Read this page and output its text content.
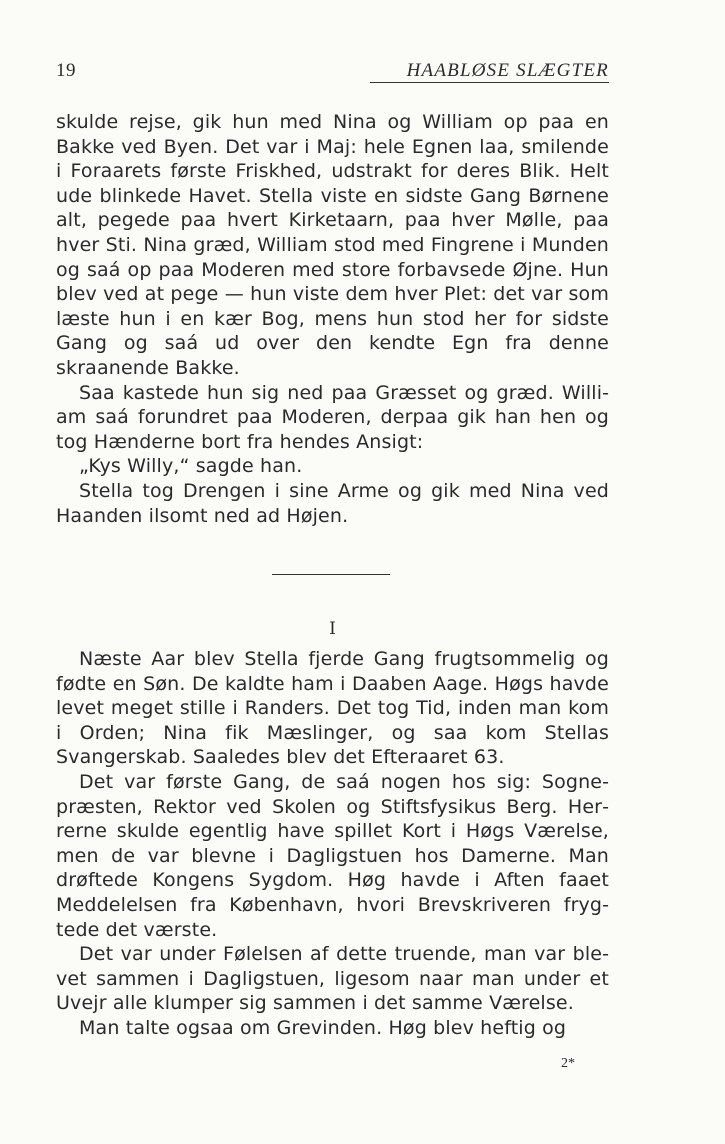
19	HAABLØSE SLÆGTER

skulde rejse, gik hun med Nina og William op paa en Bakke ved Byen. Det var i Maj: hele Egnen laa, smilende i Foraarets første Friskhed, udstrakt for deres Blik. Helt ude blinkede Havet. Stella viste en sidste Gang Børnene alt, pegede paa hvert Kirketaarn, paa hver Mølle, paa hver Sti. Nina græd, William stod med Fingrene i Munden og saá op paa Moderen med store forbavsede Øjne. Hun blev ved at pege — hun viste dem hver Plet: det var som læste hun i en kær Bog, mens hun stod her for sidste Gang og saá ud over den kendte Egn fra denne skraanende Bakke.

Saa kastede hun sig ned paa Græsset og græd. William saá forundret paa Moderen, derpaa gik han hen og tog Hænderne bort fra hendes Ansigt:

„Kys Willy,“ sagde han.

Stella tog Drengen i sine Arme og gik med Nina ved Haanden ilsomt ned ad Højen.

I

Næste Aar blev Stella fjerde Gang frugtsommelig og fødte en Søn. De kaldte ham i Daaben Aage. Høgs havde levet meget stille i Randers. Det tog Tid, inden man kom i Orden; Nina fik Mæslinger, og saa kom Stellas Svangerskab. Saaledes blev det Efteraaret 63.

Det var første Gang, de saá nogen hos sig: Sognepræsten, Rektor ved Skolen og Stiftsfysikus Berg. Herrerne skulde egentlig have spillet Kort i Høgs Værelse, men de var blevne i Dagligstuen hos Damerne. Man drøftede Kongens Sygdom. Høg havde i Aften faaet Meddelelsen fra København, hvori Brevskriveren frygtede det værste.

Det var under Følelsen af dette truende, man var blevet sammen i Dagligstuen, ligesom naar man under et Uvejr alle klumper sig sammen i det samme Værelse.

Man talte ogsaa om Grevinden. Høg blev heftig og

2*
